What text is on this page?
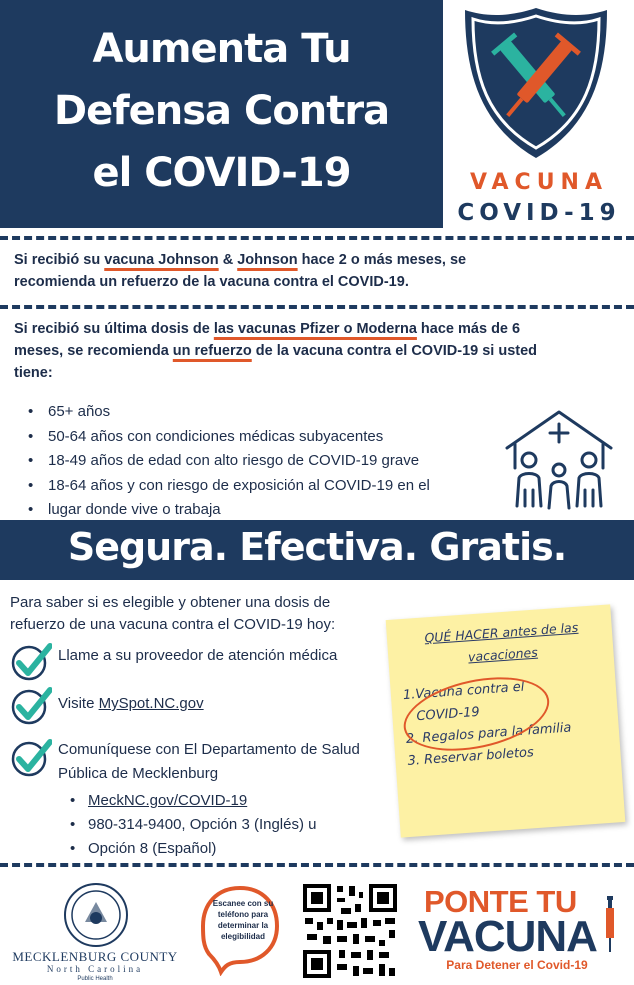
Aumenta Tu
Defensa Contra
el COVID-19	VACUNA
COVID-19
Si recibió su vacuna Johnson & Johnson hace 2 o más meses, se
recomienda un refuerzo de la vacuna contra el COVID-19.
Si recibió su última dosis de las vacunas Pfizer o Moderna hace más de 6
meses, se recomienda un refuerzo de la vacuna contra el COVID-19 si usted
tiene:
• 65+ años
• 50-64 años con condiciones médicas subyacentes
• 18-49 años de edad con alto riesgo de COVID-19 grave
• 18-64 años y con riesgo de exposición al COVID-19 en el
• lugar donde vive o trabaja
Segura. Efectiva. Gratis.
Para saber si es elegible y obtener una dosis de
refuerzo de una vacuna contra el COVID-19 hoy:
Llame a su proveedor de atención médica
Visite MySpot.NC.gov
Comuníquese con El Departamento de Salud
Pública de Mecklenburg
• MeckNC.gov/COVID-19
• 980-314-9400, Opción 3 (Inglés) u
• Opción 8 (Español)
QUÉ HACER antes de las
vacaciones
1.Vacuna contra el
COVID-19
2. Regalos para la familia
3. Reservar boletos
MECKLENBURG COUNTY
North Carolina
Public Health
Escanee con su teléfono para determinar la elegibilidad
PONTE TU
VACUNA
Para Detener el Covid-19
